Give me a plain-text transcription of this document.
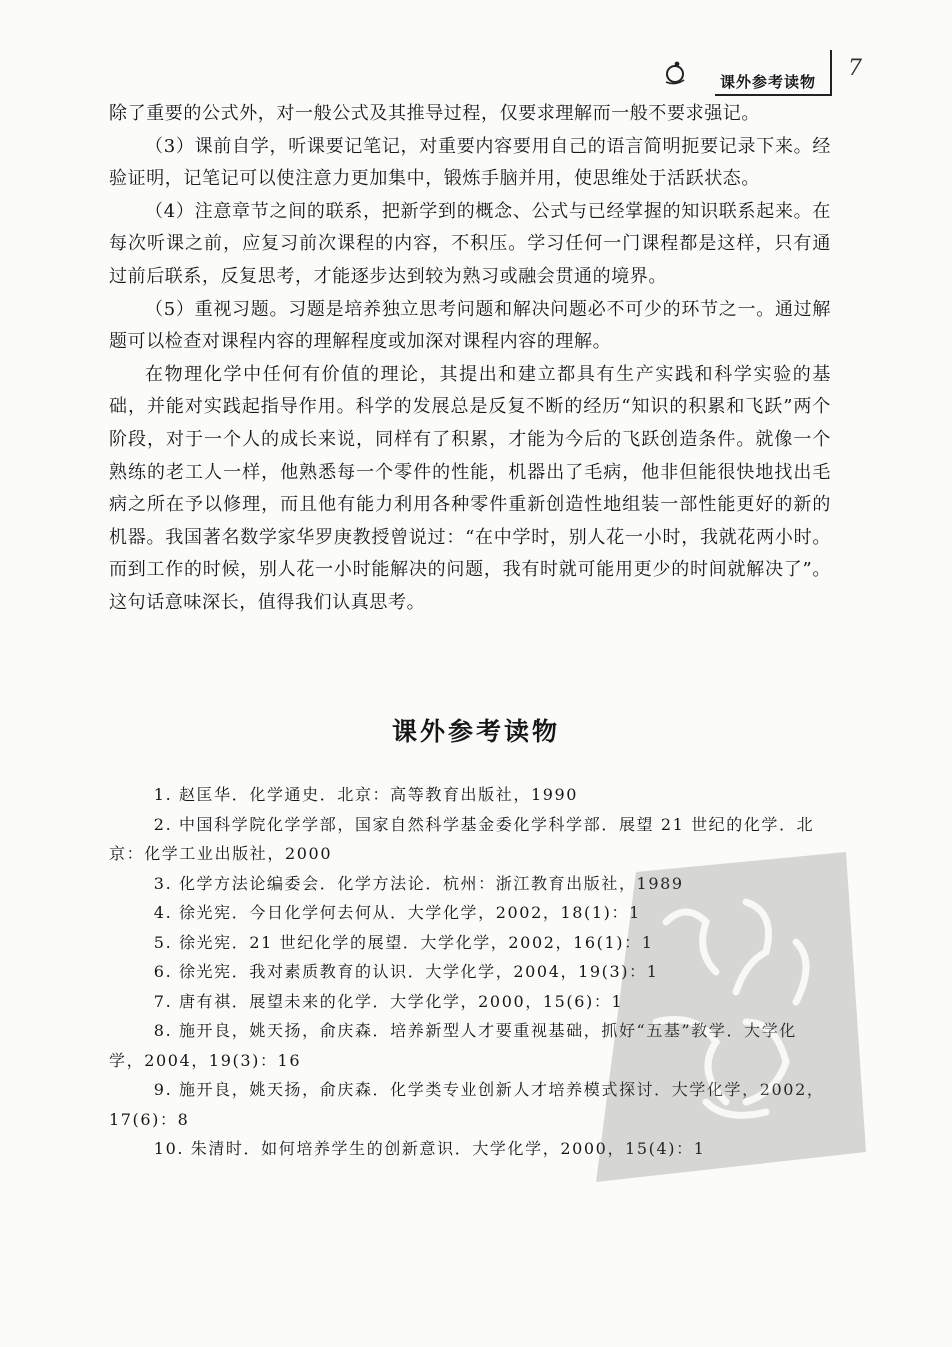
课外参考读物
7

除了重要的公式外，对一般公式及其推导过程，仅要求理解而一般不要求强记。

（3）课前自学，听课要记笔记，对重要内容要用自己的语言简明扼要记录下来。经验证明，记笔记可以使注意力更加集中，锻炼手脑并用，使思维处于活跃状态。

（4）注意章节之间的联系，把新学到的概念、公式与已经掌握的知识联系起来。在每次听课之前，应复习前次课程的内容，不积压。学习任何一门课程都是这样，只有通过前后联系，反复思考，才能逐步达到较为熟习或融会贯通的境界。

（5）重视习题。习题是培养独立思考问题和解决问题必不可少的环节之一。通过解题可以检查对课程内容的理解程度或加深对课程内容的理解。

在物理化学中任何有价值的理论，其提出和建立都具有生产实践和科学实验的基础，并能对实践起指导作用。科学的发展总是反复不断的经历“知识的积累和飞跃”两个阶段，对于一个人的成长来说，同样有了积累，才能为今后的飞跃创造条件。就像一个熟练的老工人一样，他熟悉每一个零件的性能，机器出了毛病，他非但能很快地找出毛病之所在予以修理，而且他有能力利用各种零件重新创造性地组装一部性能更好的新的机器。我国著名数学家华罗庚教授曾说过：“在中学时，别人花一小时，我就花两小时。而到工作的时候，别人花一小时能解决的问题，我有时就可能用更少的时间就解决了”。这句话意味深长，值得我们认真思考。

课外参考读物

1. 赵匡华．化学通史．北京：高等教育出版社，1990

2. 中国科学院化学学部，国家自然科学基金委化学科学部．展望 21 世纪的化学．北京：化学工业出版社，2000

3. 化学方法论编委会．化学方法论．杭州：浙江教育出版社，1989

4. 徐光宪．今日化学何去何从．大学化学，2002，18(1)：1

5. 徐光宪．21 世纪化学的展望．大学化学，2002，16(1)：1

6. 徐光宪．我对素质教育的认识．大学化学，2004，19(3)：1

7. 唐有祺．展望未来的化学．大学化学，2000，15(6)：1

8. 施开良，姚天扬，俞庆森．培养新型人才要重视基础，抓好“五基”教学．大学化学，2004，19(3)：16

9. 施开良，姚天扬，俞庆森．化学类专业创新人才培养模式探讨．大学化学，2002，17(6)：8

10. 朱清时．如何培养学生的创新意识．大学化学，2000，15(4)：1
